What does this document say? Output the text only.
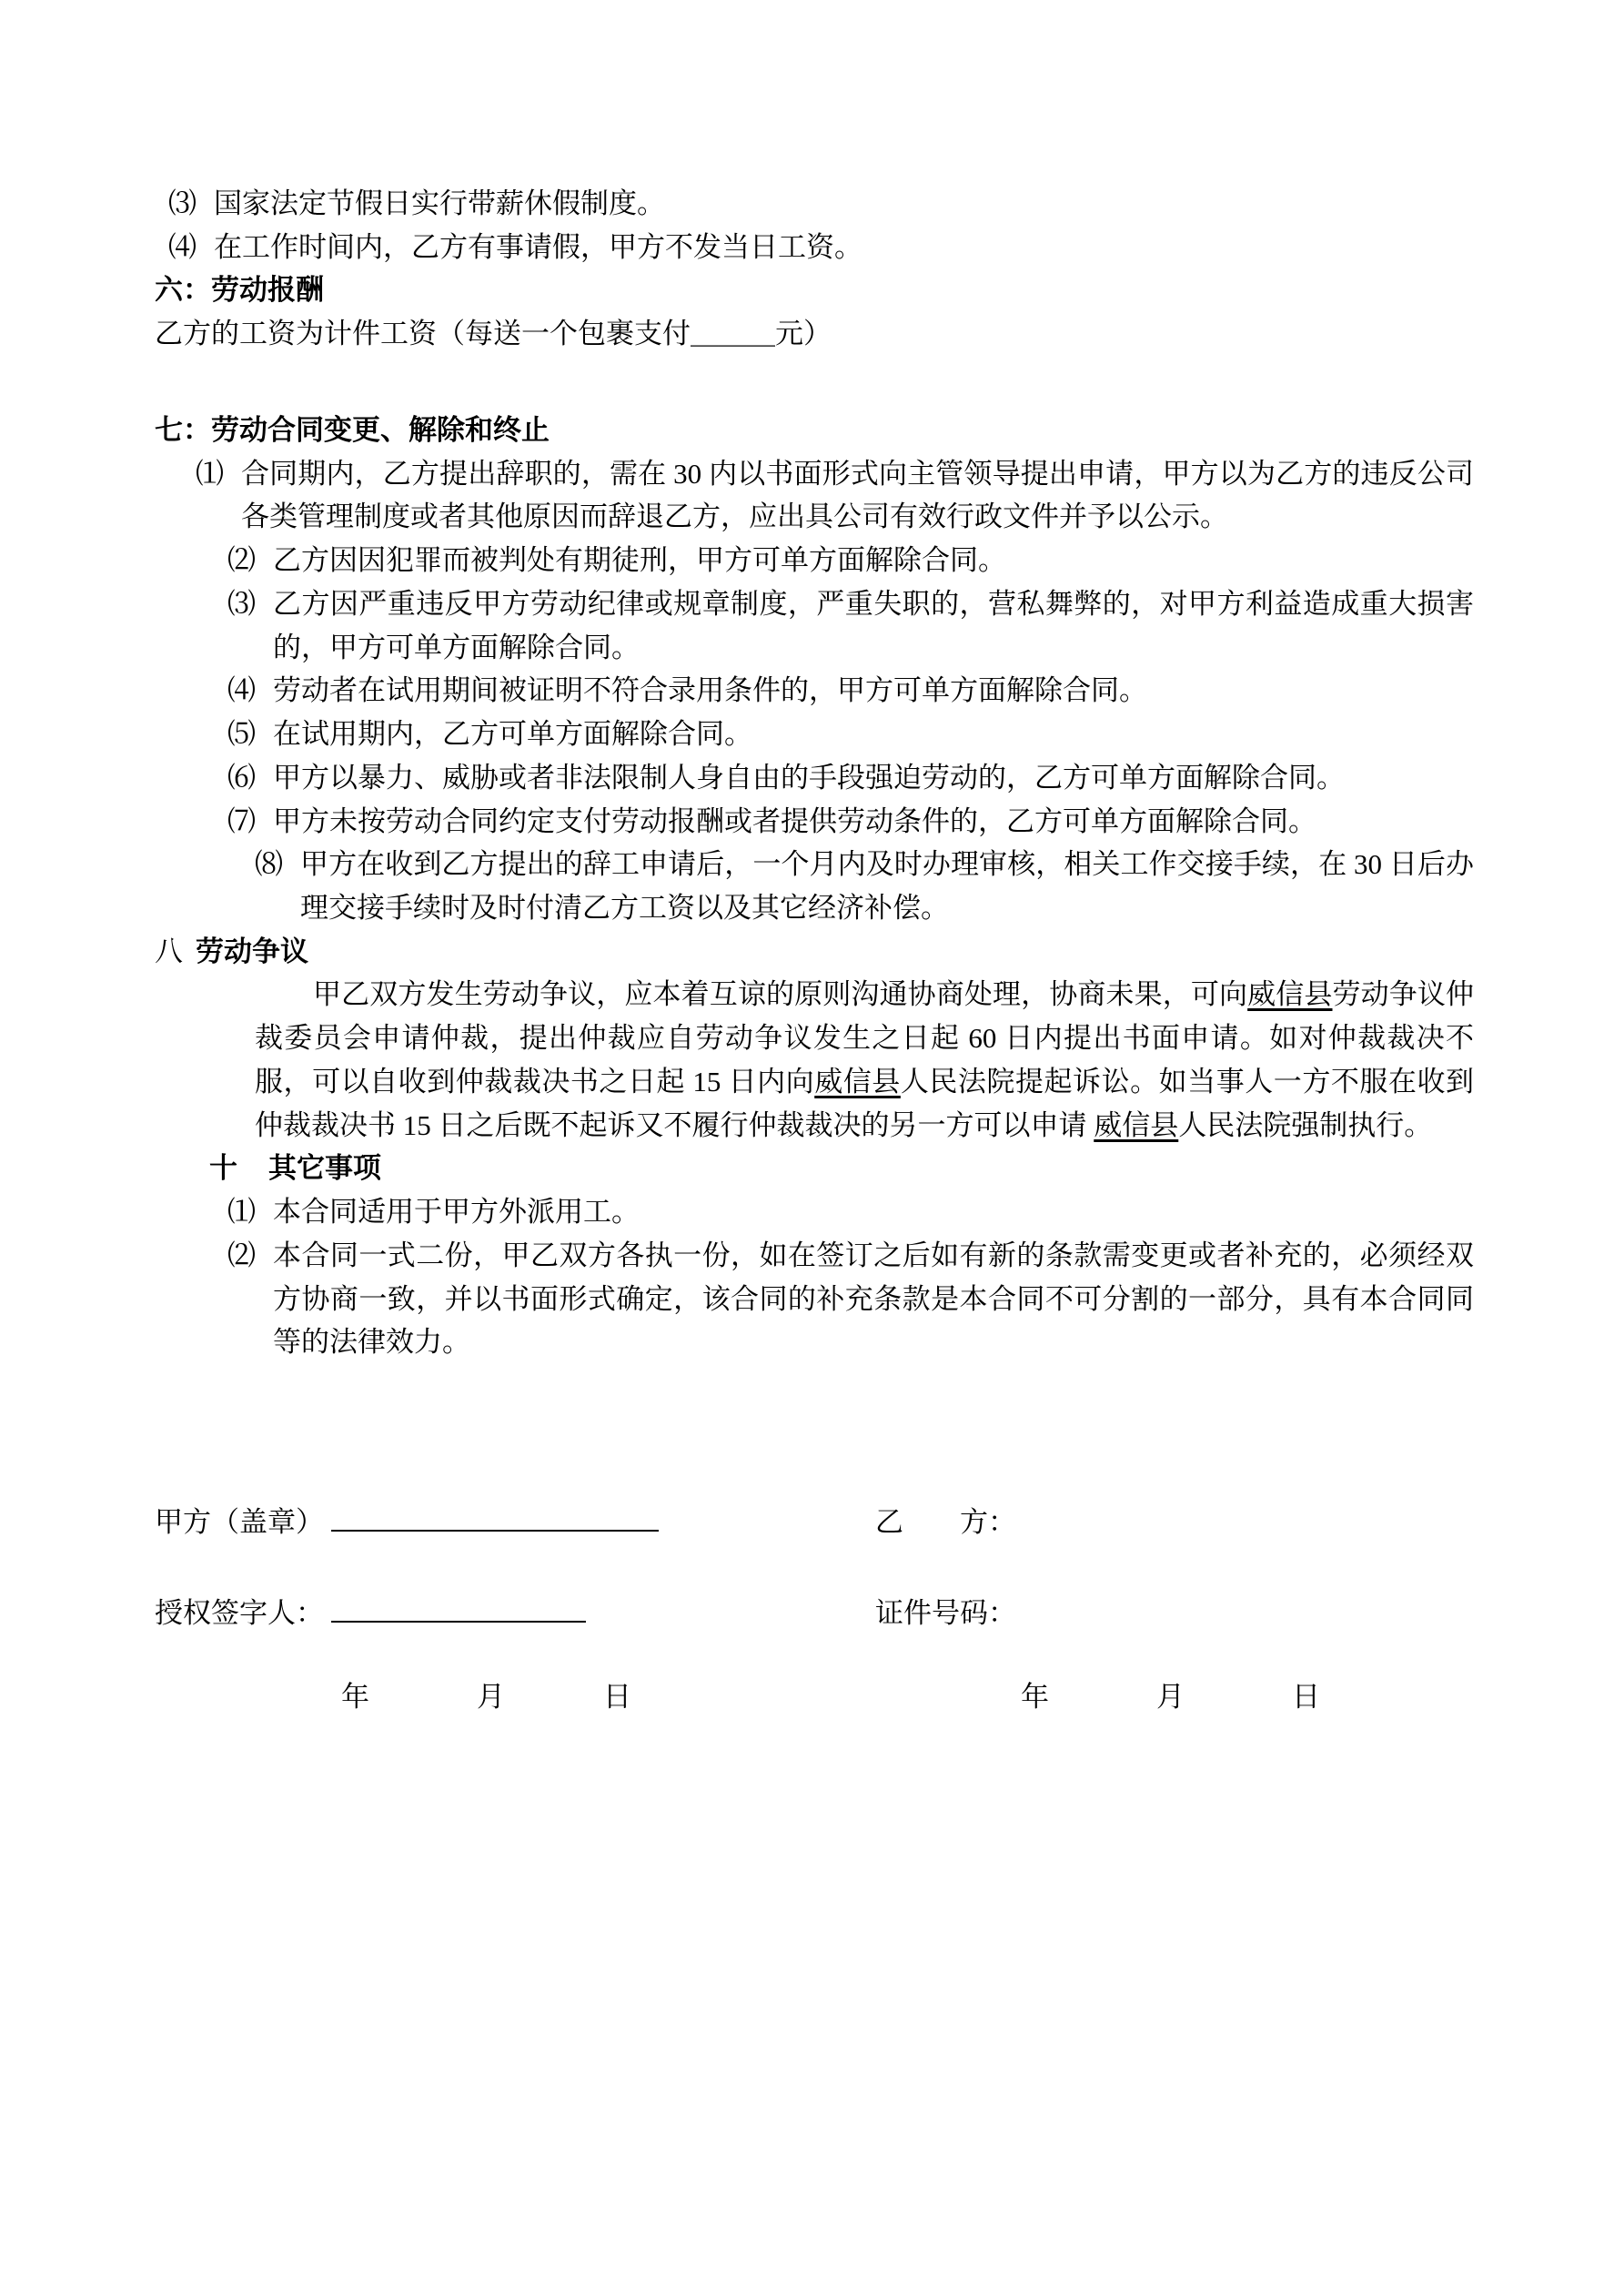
⑶ 国家法定节假日实行带薪休假制度。
⑷ 在工作时间内，乙方有事请假，甲方不发当日工资。
六：劳动报酬
乙方的工资为计件工资（每送一个包裹支付＿＿＿元）
七：劳动合同变更、解除和终止
⑴ 合同期内，乙方提出辞职的，需在 30 内以书面形式向主管领导提出申请，甲方以为乙方的违反公司各类管理制度或者其他原因而辞退乙方，应出具公司有效行政文件并予以公示。
⑵ 乙方因因犯罪而被判处有期徒刑，甲方可单方面解除合同。
⑶ 乙方因严重违反甲方劳动纪律或规章制度，严重失职的，营私舞弊的，对甲方利益造成重大损害的，甲方可单方面解除合同。
⑷ 劳动者在试用期间被证明不符合录用条件的，甲方可单方面解除合同。
⑸ 在试用期内，乙方可单方面解除合同。
⑹ 甲方以暴力、威胁或者非法限制人身自由的手段强迫劳动的，乙方可单方面解除合同。
⑺ 甲方未按劳动合同约定支付劳动报酬或者提供劳动条件的，乙方可单方面解除合同。
⑻ 甲方在收到乙方提出的辞工申请后，一个月内及时办理审核，相关工作交接手续，在 30 日后办理交接手续时及时付清乙方工资以及其它经济补偿。
八 劳动争议
甲乙双方发生劳动争议，应本着互谅的原则沟通协商处理，协商未果，可向威信县劳动争议仲裁委员会申请仲裁，提出仲裁应自劳动争议发生之日起 60 日内提出书面申请。如对仲裁裁决不服，可以自收到仲裁裁决书之日起 15 日内向威信县人民法院提起诉讼。如当事人一方不服在收到仲裁裁决书 15 日之后既不起诉又不履行仲裁裁决的另一方可以申请 威信县人民法院强制执行。
十 其它事项
⑴ 本合同适用于甲方外派用工。
⑵ 本合同一式二份，甲乙双方各执一份，如在签订之后如有新的条款需变更或者补充的，必须经双方协商一致，并以书面形式确定，该合同的补充条款是本合同不可分割的一部分，具有本合同同等的法律效力。
甲方（盖章）	乙　　方：
授权签字人：	证件号码：
年	月	日	年	月	日
